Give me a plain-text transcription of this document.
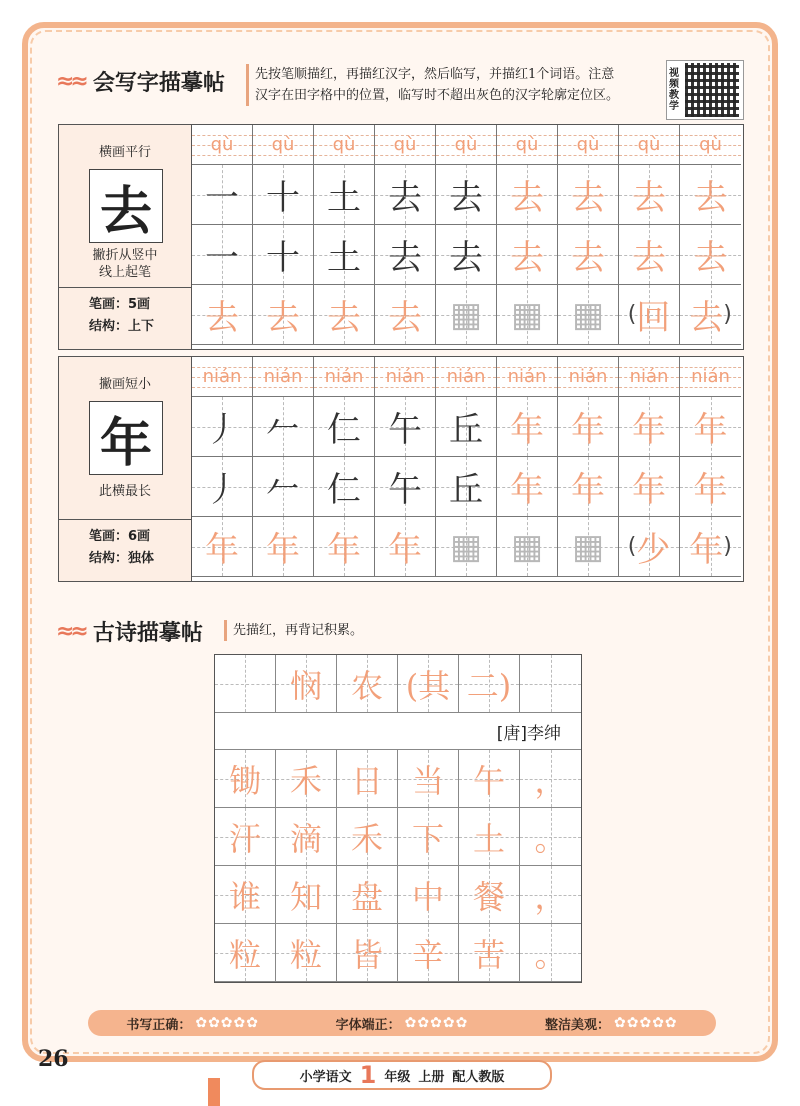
≈≈ 会写字描摹帖 先按笔顺描红，再描红汉字，然后临写，并描红1个词语。注意
汉字在田字格中的位置，临写时不超出灰色的汉字轮廓定位区。
视频教学
横画平行
去
撇折从竖中
线上起笔
笔画：5画
结构：上下
qù qù qù qù qù qù qù qù qù
一 十 土 去 去 去 去 去 去
一 十 土 去 去 去 去 去 去
去 去 去 去 ▦ ▦ ▦ ( 回 去 )
撇画短小
年
此横最长
笔画：6画
结构：独体
nián nián nián nián nián nián nián nián nián
丿 𠂉 仁 午 丘 年 年 年 年
丿 𠂉 仁 午 丘 年 年 年 年
年 年 年 年 ▦ ▦ ▦ ( 少 年 )
≈≈ 古诗描摹帖	先描红，再背记积累。
悯 农 (其 二)
[唐]李绅
锄 禾 日 当 午 ，
汗 滴 禾 下 土 。
谁 知 盘 中 餐 ，
粒 粒 皆 辛 苦 。
书写正确： ✿✿✿✿✿	字体端正： ✿✿✿✿✿	整洁美观： ✿✿✿✿✿
26
小学语文 1 年级 上册 配人教版
